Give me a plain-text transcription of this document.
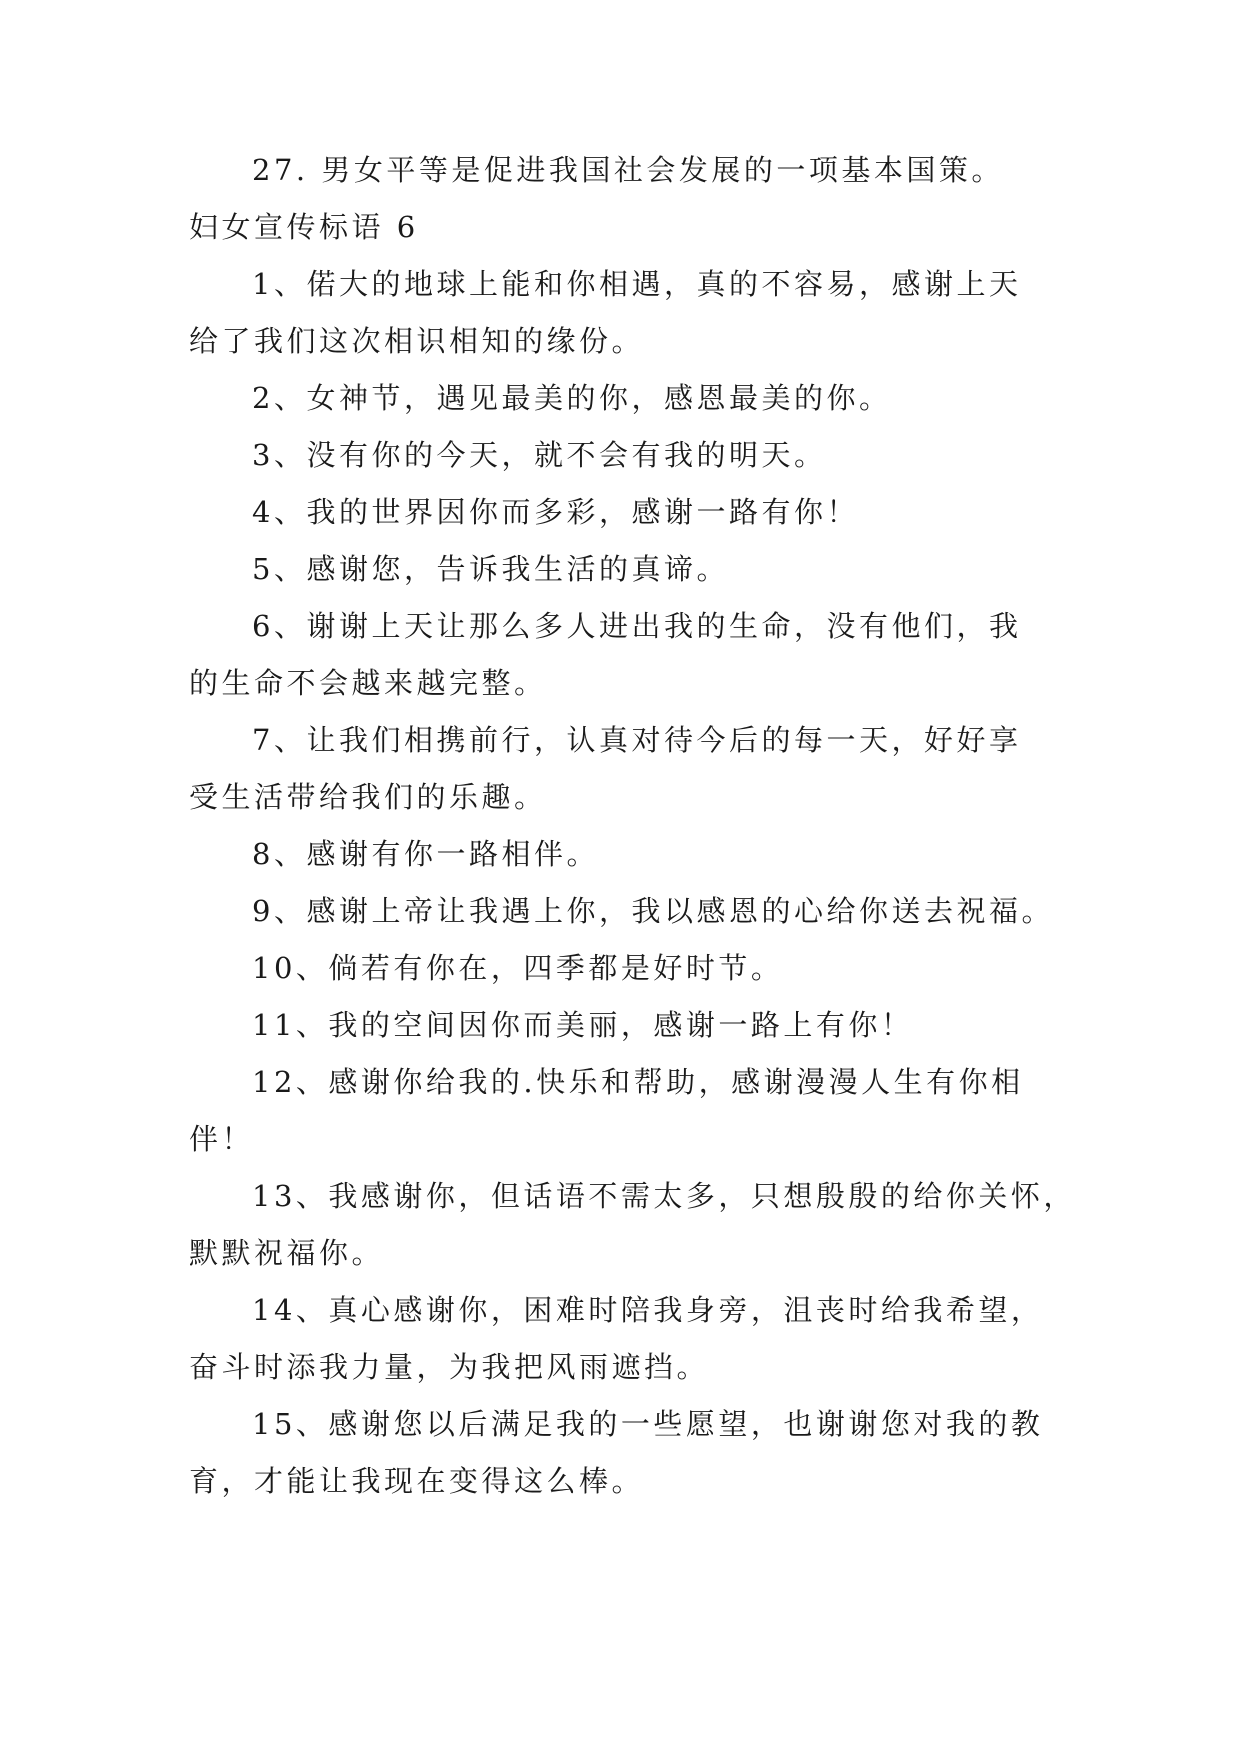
27. 男女平等是促进我国社会发展的一项基本国策。
妇女宣传标语 6
1、偌大的地球上能和你相遇，真的不容易，感谢上天
给了我们这次相识相知的缘份。
2、女神节，遇见最美的你，感恩最美的你。
3、没有你的今天，就不会有我的明天。
4、我的世界因你而多彩，感谢一路有你！
5、感谢您，告诉我生活的真谛。
6、谢谢上天让那么多人进出我的生命，没有他们，我
的生命不会越来越完整。
7、让我们相携前行，认真对待今后的每一天，好好享
受生活带给我们的乐趣。
8、感谢有你一路相伴。
9、感谢上帝让我遇上你，我以感恩的心给你送去祝福。
10、倘若有你在，四季都是好时节。
11、我的空间因你而美丽，感谢一路上有你！
12、感谢你给我的.快乐和帮助，感谢漫漫人生有你相
伴！
13、我感谢你，但话语不需太多，只想殷殷的给你关怀，
默默祝福你。
14、真心感谢你，困难时陪我身旁，沮丧时给我希望，
奋斗时添我力量，为我把风雨遮挡。
15、感谢您以后满足我的一些愿望，也谢谢您对我的教
育，才能让我现在变得这么棒。
